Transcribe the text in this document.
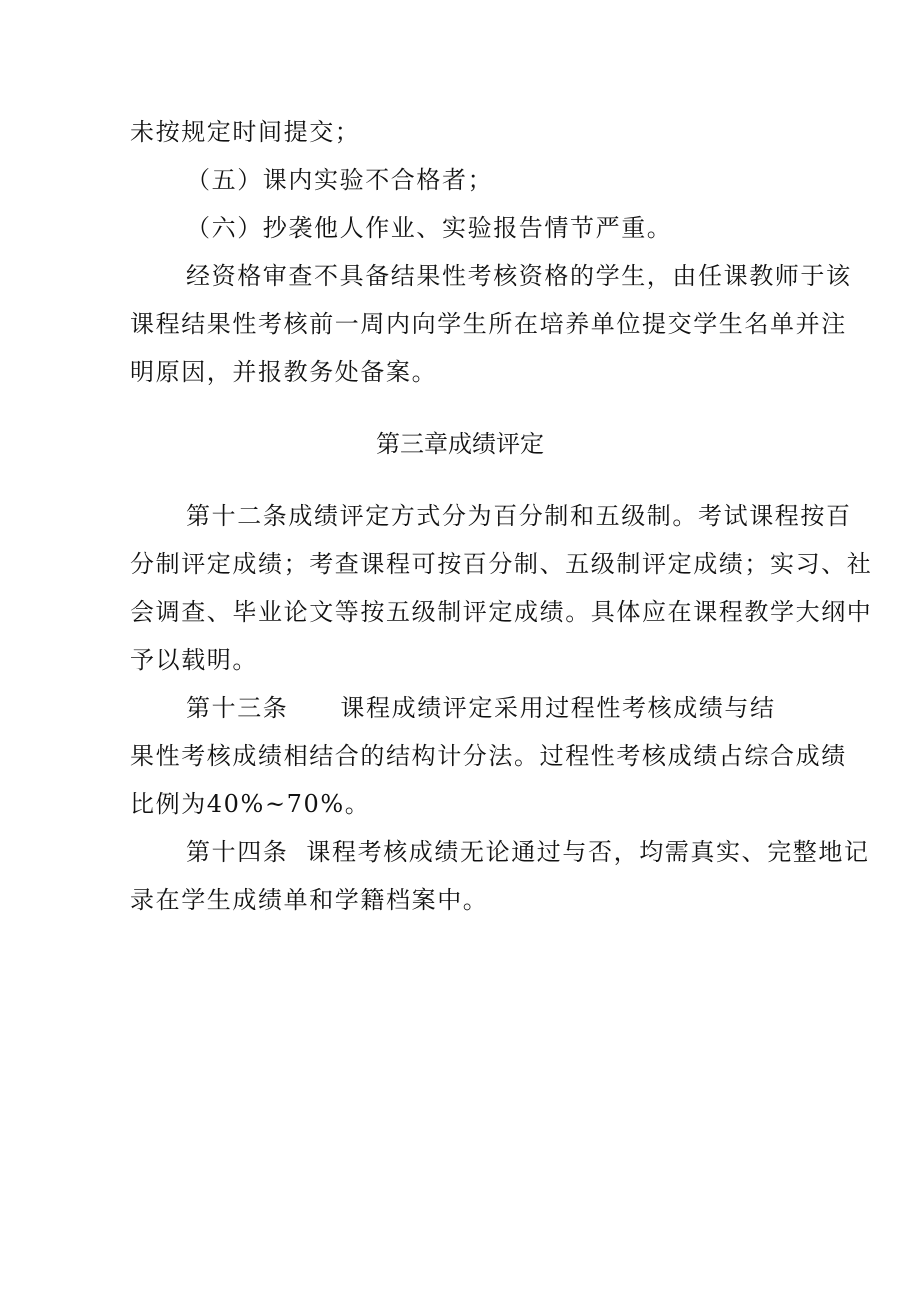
未按规定时间提交；
（五）课内实验不合格者；
（六）抄袭他人作业、实验报告情节严重。
经资格审查不具备结果性考核资格的学生，由任课教师于该
课程结果性考核前一周内向学生所在培养单位提交学生名单并注
明原因，并报教务处备案。
第三章成绩评定
第十二条成绩评定方式分为百分制和五级制。考试课程按百
分制评定成绩；考查课程可按百分制、五级制评定成绩；实习、社
会调查、毕业论文等按五级制评定成绩。具体应在课程教学大纲中
予以载明。
第十三条 课程成绩评定采用过程性考核成绩与结
果性考核成绩相结合的结构计分法。过程性考核成绩占综合成绩
比例为40%~70%。
第十四条 课程考核成绩无论通过与否，均需真实、完整地记
录在学生成绩单和学籍档案中。
